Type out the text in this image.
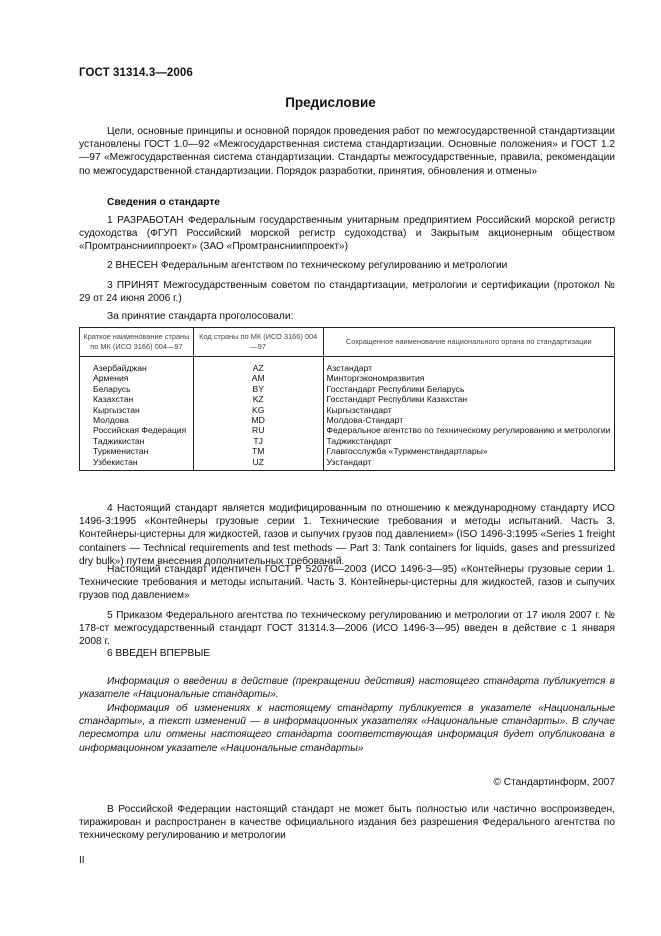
ГОСТ 31314.3—2006
Предисловие
Цели, основные принципы и основной порядок проведения работ по межгосударственной стандартизации установлены ГОСТ 1.0—92 «Межгосударственная система стандартизации. Основные положения» и ГОСТ 1.2—97 «Межгосударственная система стандартизации. Стандарты межгосударственные, правила, рекомендации по межгосударственной стандартизации. Порядок разработки, принятия, обновления и отмены»
Сведения о стандарте
1 РАЗРАБОТАН Федеральным государственным унитарным предприятием Российский морской регистр судоходства (ФГУП Российский морской регистр судоходства) и Закрытым акционерным обществом «Промтранснииппроект» (ЗАО «Промтранснииппроект»)
2 ВНЕСЕН Федеральным агентством по техническому регулированию и метрологии
3 ПРИНЯТ Межгосударственным советом по стандартизации, метрологии и сертификации (протокол № 29 от 24 июня 2006 г.)
За принятие стандарта проголосовали:
Краткое наименование страны по МК (ИСО 3166) 004—97	Код страны по МК (ИСО 3166) 004—97	Сокращенное наименование национального органа по стандартизации
Азербайджан	AZ	Азстандарт
Армения	AM	Минторгэкономразвития
Беларусь	BY	Госстандарт Республики Беларусь
Казахстан	KZ	Госстандарт Республики Казахстан
Кыргызстан	KG	Кыргызстандарт
Молдова	MD	Молдова-Стандарт
Российская Федерация	RU	Федеральное агентство по техническому регулированию и метрологии
Таджикистан	TJ	Таджикстандарт
Туркменистан	TM	Главгосслужба «Туркменстандартлары»
Узбекистан	UZ	Узстандарт
4 Настоящий стандарт является модифицированным по отношению к международному стандарту ИСО 1496-3:1995 «Контейнеры грузовые серии 1. Технические требования и методы испытаний. Часть 3. Контейнеры-цистерны для жидкостей, газов и сыпучих грузов под давлением» (ISO 1496-3:1995 «Series 1 freight containers — Technical requirements and test methods — Part 3: Tank containers for liquids, gases and pressurized dry bulk») путем внесения дополнительных требований.
Настоящий стандарт идентичен ГОСТ Р 52076—2003 (ИСО 1496-3—95) «Контейнеры грузовые серии 1. Технические требования и методы испытаний. Часть 3. Контейнеры-цистерны для жидкостей, газов и сыпучих грузов под давлением»
5 Приказом Федерального агентства по техническому регулированию и метрологии от 17 июля 2007 г. № 178-ст межгосударственный стандарт ГОСТ 31314.3—2006 (ИСО 1496-3—95) введен в действие с 1 января 2008 г.
6 ВВЕДЕН ВПЕРВЫЕ
Информация о введении в действие (прекращении действия) настоящего стандарта публикуется в указателе «Национальные стандарты».
Информация об изменениях к настоящему стандарту публикуется в указателе «Национальные стандарты», а текст изменений — в информационных указателях «Национальные стандарты». В случае пересмотра или отмены настоящего стандарта соответствующая информация будет опубликована в информационном указателе «Национальные стандарты»
© Стандартинформ, 2007
В Российской Федерации настоящий стандарт не может быть полностью или частично воспроизведен, тиражирован и распространен в качестве официального издания без разрешения Федерального агентства по техническому регулированию и метрологии
II
